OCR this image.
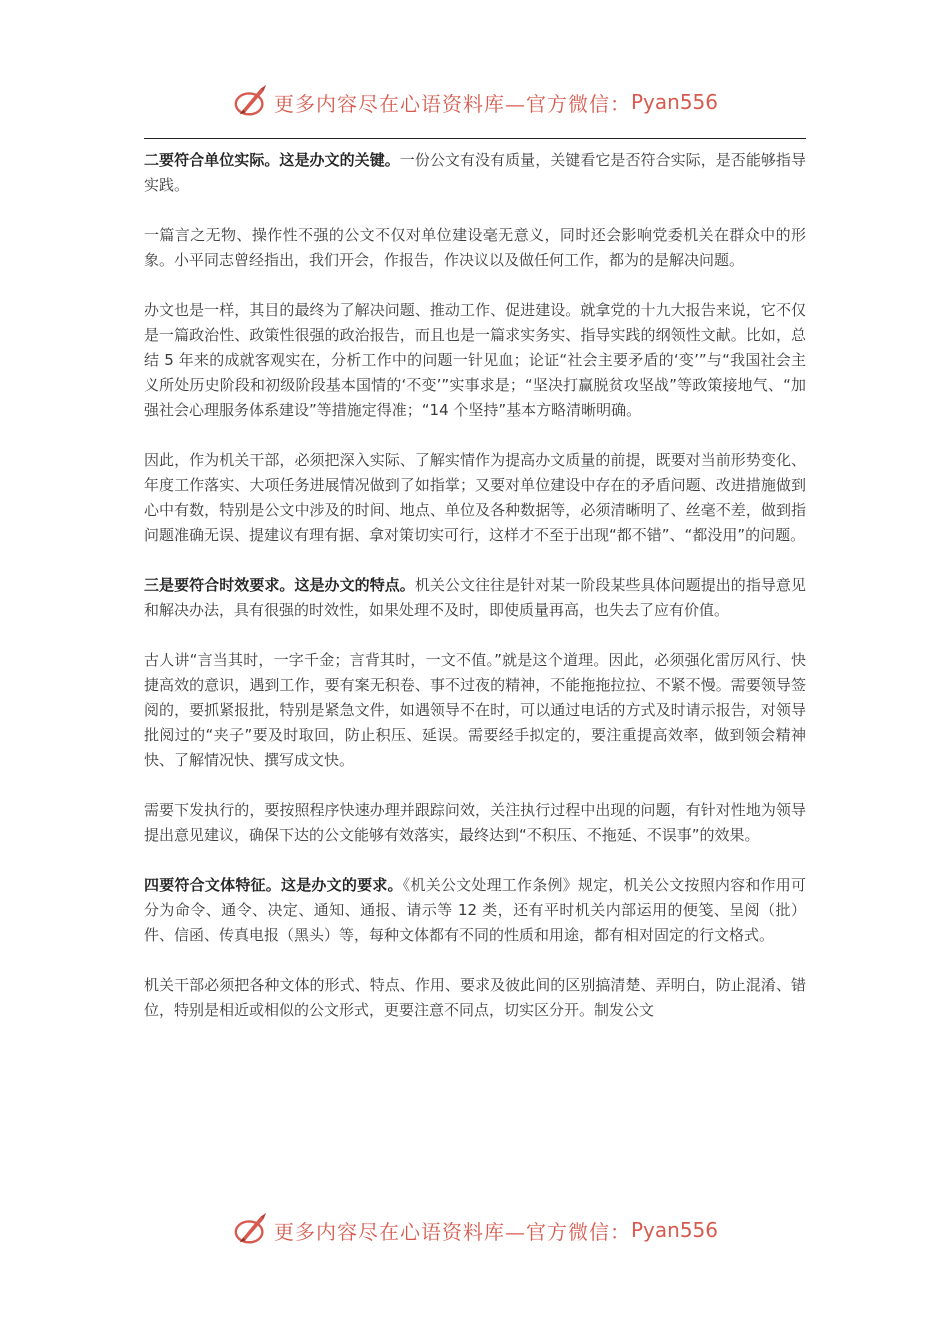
更多内容尽在心语资料库—官方微信： Pyan556

二要符合单位实际。这是办文的关键。一份公文有没有质量，关键看它是否符合实际，是否能够指导实践。

一篇言之无物、操作性不强的公文不仅对单位建设毫无意义，同时还会影响党委机关在群众中的形象。小平同志曾经指出，我们开会，作报告，作决议以及做任何工作，都为的是解决问题。

办文也是一样，其目的最终为了解决问题、推动工作、促进建设。就拿党的十九大报告来说，它不仅是一篇政治性、政策性很强的政治报告，而且也是一篇求实务实、指导实践的纲领性文献。比如，总结 5 年来的成就客观实在，分析工作中的问题一针见血；论证“社会主要矛盾的‘变’”与“我国社会主义所处历史阶段和初级阶段基本国情的‘不变’”实事求是；“坚决打赢脱贫攻坚战”等政策接地气、“加强社会心理服务体系建设”等措施定得准；“14 个坚持”基本方略清晰明确。

因此，作为机关干部，必须把深入实际、了解实情作为提高办文质量的前提，既要对当前形势变化、年度工作落实、大项任务进展情况做到了如指掌；又要对单位建设中存在的矛盾问题、改进措施做到心中有数，特别是公文中涉及的时间、地点、单位及各种数据等，必须清晰明了、丝毫不差，做到指问题准确无误、提建议有理有据、拿对策切实可行，这样才不至于出现“都不错”、“都没用”的问题。

三是要符合时效要求。这是办文的特点。机关公文往往是针对某一阶段某些具体问题提出的指导意见和解决办法，具有很强的时效性，如果处理不及时，即使质量再高，也失去了应有价值。

古人讲“言当其时，一字千金；言背其时，一文不值。”就是这个道理。因此，必须强化雷厉风行、快捷高效的意识，遇到工作，要有案无积卷、事不过夜的精神，不能拖拖拉拉、不紧不慢。需要领导签阅的，要抓紧报批，特别是紧急文件，如遇领导不在时，可以通过电话的方式及时请示报告，对领导批阅过的“夹子”要及时取回，防止积压、延误。需要经手拟定的，要注重提高效率，做到领会精神快、了解情况快、撰写成文快。

需要下发执行的，要按照程序快速办理并跟踪问效，关注执行过程中出现的问题，有针对性地为领导提出意见建议，确保下达的公文能够有效落实，最终达到“不积压、不拖延、不误事”的效果。

四要符合文体特征。这是办文的要求。《机关公文处理工作条例》规定，机关公文按照内容和作用可分为命令、通令、决定、通知、通报、请示等 12 类，还有平时机关内部运用的便笺、呈阅（批）件、信函、传真电报（黑头）等，每种文体都有不同的性质和用途，都有相对固定的行文格式。

机关干部必须把各种文体的形式、特点、作用、要求及彼此间的区别搞清楚、弄明白，防止混淆、错位，特别是相近或相似的公文形式，更要注意不同点，切实区分开。制发公文

更多内容尽在心语资料库—官方微信： Pyan556
